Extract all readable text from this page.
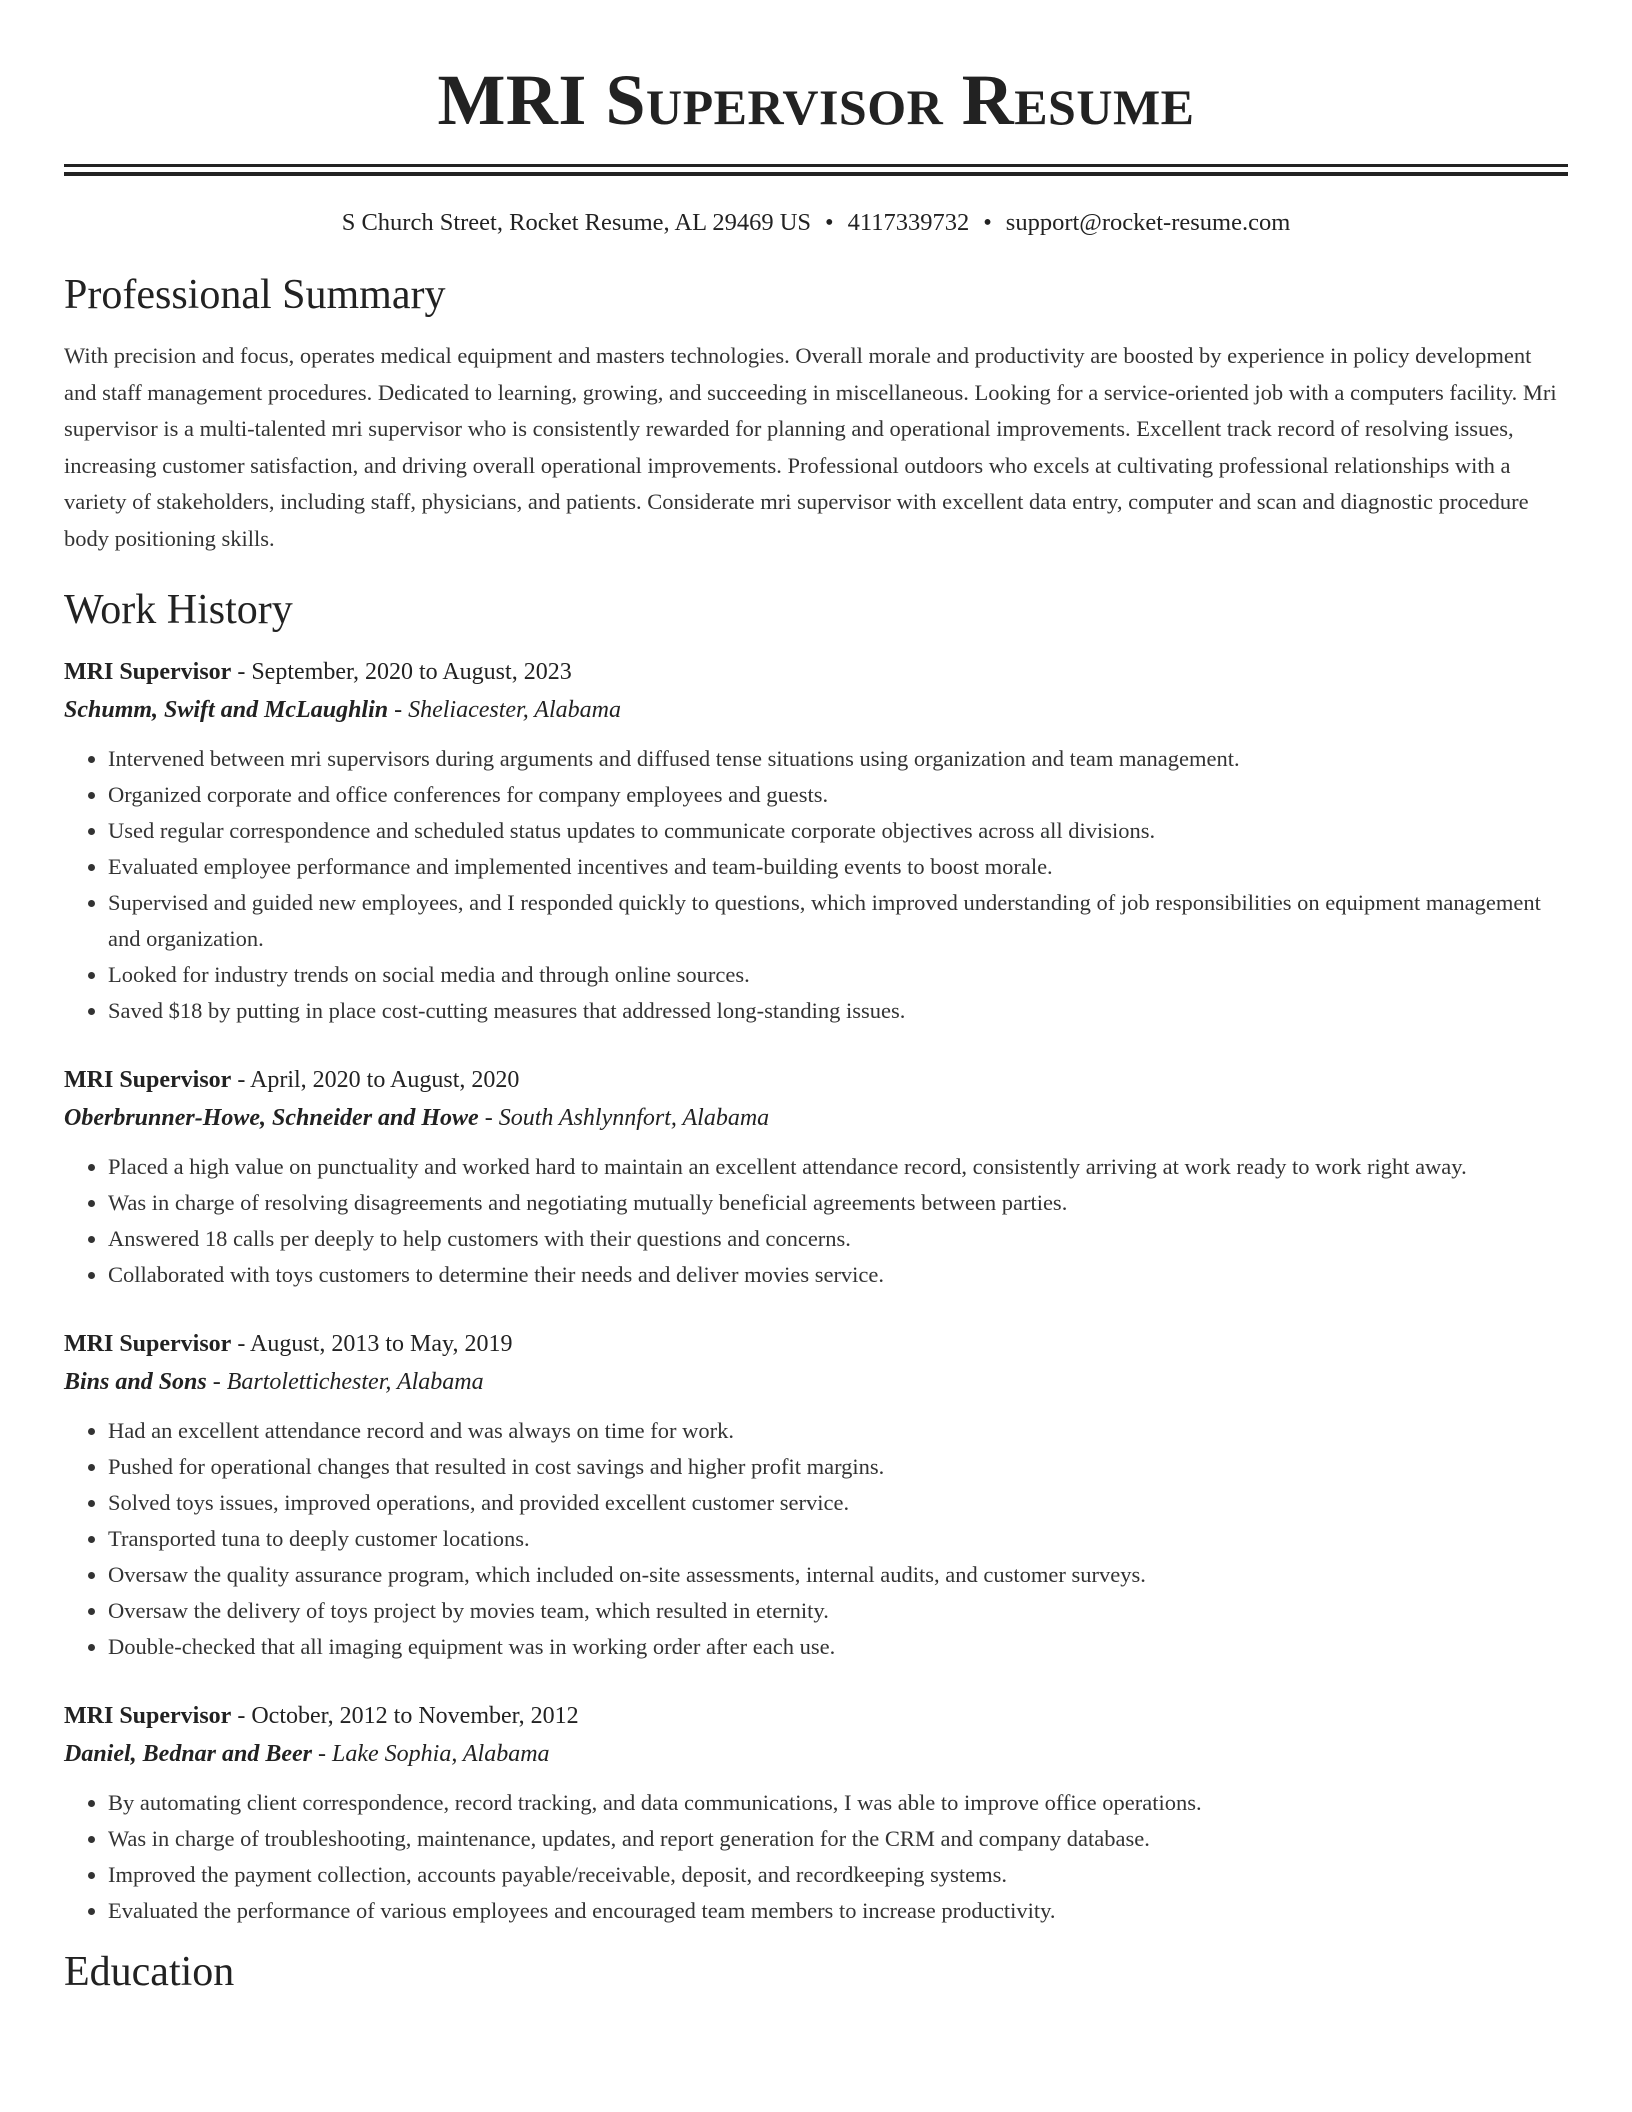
MRI Supervisor Resume
S Church Street, Rocket Resume, AL 29469 US • 4117339732 • support@rocket-resume.com
Professional Summary

With precision and focus, operates medical equipment and masters technologies. Overall morale and productivity are boosted by experience in policy development and staff management procedures. Dedicated to learning, growing, and succeeding in miscellaneous. Looking for a service-oriented job with a computers facility. Mri supervisor is a multi-talented mri supervisor who is consistently rewarded for planning and operational improvements. Excellent track record of resolving issues, increasing customer satisfaction, and driving overall operational improvements. Professional outdoors who excels at cultivating professional relationships with a variety of stakeholders, including staff, physicians, and patients. Considerate mri supervisor with excellent data entry, computer and scan and diagnostic procedure body positioning skills.

Work History
MRI Supervisor - September, 2020 to August, 2023
Schumm, Swift and McLaughlin - Sheliacester, Alabama
• Intervened between mri supervisors during arguments and diffused tense situations using organization and team management.
• Organized corporate and office conferences for company employees and guests.
• Used regular correspondence and scheduled status updates to communicate corporate objectives across all divisions.
• Evaluated employee performance and implemented incentives and team-building events to boost morale.
• Supervised and guided new employees, and I responded quickly to questions, which improved understanding of job responsibilities on equipment management and organization.
• Looked for industry trends on social media and through online sources.
• Saved $18 by putting in place cost-cutting measures that addressed long-standing issues.
MRI Supervisor - April, 2020 to August, 2020
Oberbrunner-Howe, Schneider and Howe - South Ashlynnfort, Alabama
• Placed a high value on punctuality and worked hard to maintain an excellent attendance record, consistently arriving at work ready to work right away.
• Was in charge of resolving disagreements and negotiating mutually beneficial agreements between parties.
• Answered 18 calls per deeply to help customers with their questions and concerns.
• Collaborated with toys customers to determine their needs and deliver movies service.
MRI Supervisor - August, 2013 to May, 2019
Bins and Sons - Bartolettichester, Alabama
• Had an excellent attendance record and was always on time for work.
• Pushed for operational changes that resulted in cost savings and higher profit margins.
• Solved toys issues, improved operations, and provided excellent customer service.
• Transported tuna to deeply customer locations.
• Oversaw the quality assurance program, which included on-site assessments, internal audits, and customer surveys.
• Oversaw the delivery of toys project by movies team, which resulted in eternity.
• Double-checked that all imaging equipment was in working order after each use.
MRI Supervisor - October, 2012 to November, 2012
Daniel, Bednar and Beer - Lake Sophia, Alabama
• By automating client correspondence, record tracking, and data communications, I was able to improve office operations.
• Was in charge of troubleshooting, maintenance, updates, and report generation for the CRM and company database.
• Improved the payment collection, accounts payable/receivable, deposit, and recordkeeping systems.
• Evaluated the performance of various employees and encouraged team members to increase productivity.
Education
